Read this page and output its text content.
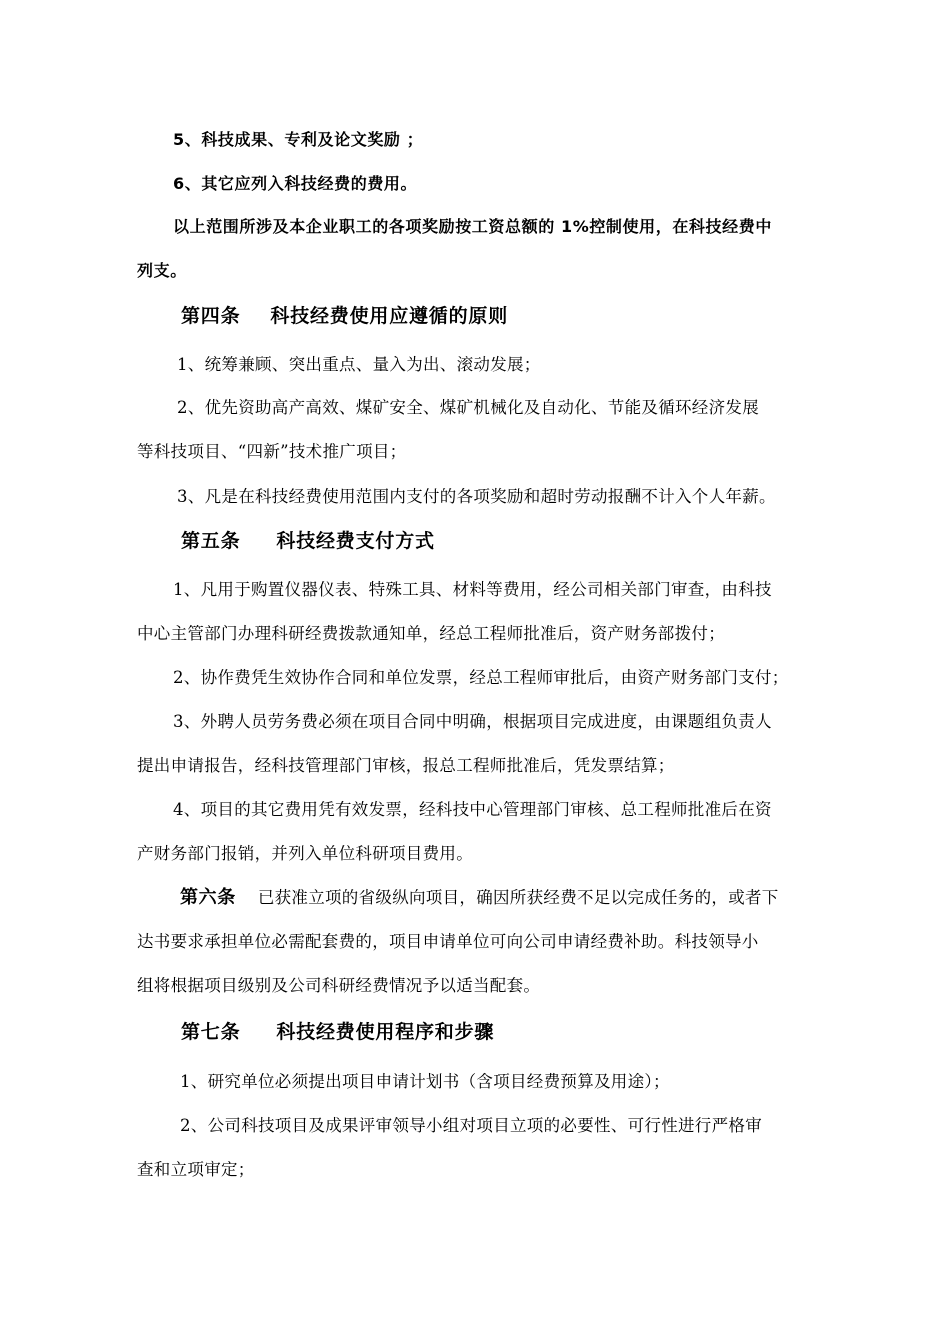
5、科技成果、专利及论文奖励 ；
6、其它应列入科技经费的费用。
以上范围所涉及本企业职工的各项奖励按工资总额的 1%控制使用，在科技经费中
列支。
第四条 科技经费使用应遵循的原则
1、统筹兼顾、突出重点、量入为出、滚动发展；
2、优先资助高产高效、煤矿安全、煤矿机械化及自动化、节能及循环经济发展
等科技项目、“四新”技术推广项目；
3、凡是在科技经费使用范围内支付的各项奖励和超时劳动报酬不计入个人年薪。
第五条 科技经费支付方式
1、凡用于购置仪器仪表、特殊工具、材料等费用，经公司相关部门审查，由科技
中心主管部门办理科研经费拨款通知单，经总工程师批准后，资产财务部拨付；
2、协作费凭生效协作合同和单位发票，经总工程师审批后，由资产财务部门支付；
3、外聘人员劳务费必须在项目合同中明确，根据项目完成进度，由课题组负责人
提出申请报告，经科技管理部门审核，报总工程师批准后，凭发票结算；
4、项目的其它费用凭有效发票，经科技中心管理部门审核、总工程师批准后在资
产财务部门报销，并列入单位科研项目费用。
第六条 已获准立项的省级纵向项目，确因所获经费不足以完成任务的，或者下
达书要求承担单位必需配套费的，项目申请单位可向公司申请经费补助。科技领导小
组将根据项目级别及公司科研经费情况予以适当配套。
第七条 科技经费使用程序和步骤
1、研究单位必须提出项目申请计划书（含项目经费预算及用途）；
2、公司科技项目及成果评审领导小组对项目立项的必要性、可行性进行严格审
查和立项审定；
